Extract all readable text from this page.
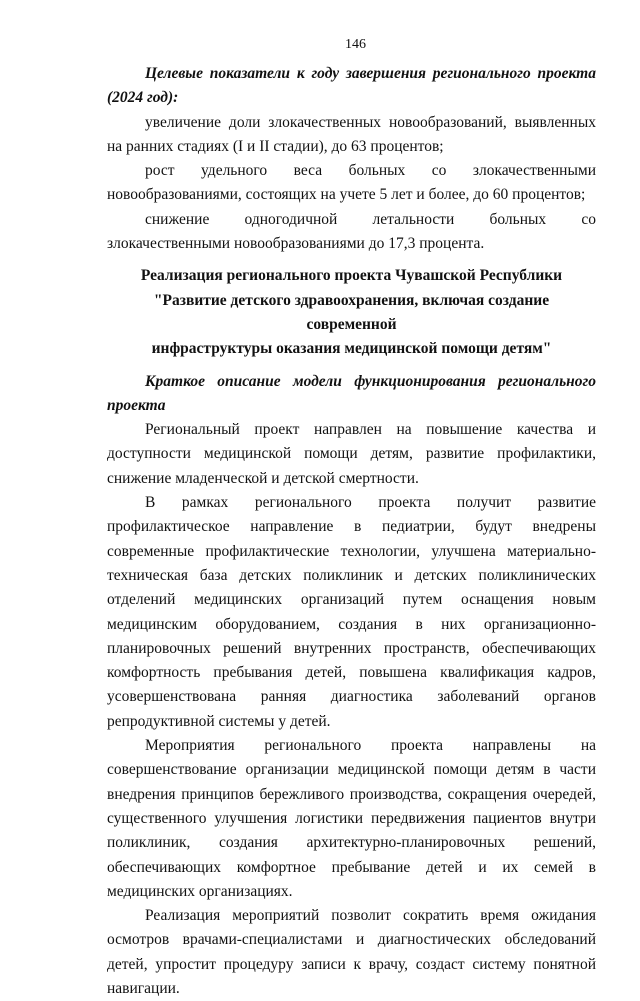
146

Целевые показатели к году завершения регионального проекта (2024 год):

увеличение доли злокачественных новообразований, выявленных на ранних стадиях (I и II стадии), до 63 процентов;

рост удельного веса больных со злокачественными новообразованиями, состоящих на учете 5 лет и более, до 60 процентов;

снижение одногодичной летальности больных со злокачественными новообразованиями до 17,3 процента.

Реализация регионального проекта Чувашской Республики
"Развитие детского здравоохранения, включая создание современной
инфраструктуры оказания медицинской помощи детям"

Краткое описание модели функционирования регионального проекта

Региональный проект направлен на повышение качества и доступности медицинской помощи детям, развитие профилактики, снижение младенческой и детской смертности.

В рамках регионального проекта получит развитие профилактическое направление в педиатрии, будут внедрены современные профилактические технологии, улучшена материально-техническая база детских поликлиник и детских поликлинических отделений медицинских организаций путем оснащения новым медицинским оборудованием, создания в них организационно-планировочных решений внутренних пространств, обеспечивающих комфортность пребывания детей, повышена квалификация кадров, усовершенствована ранняя диагностика заболеваний органов репродуктивной системы у детей.

Мероприятия регионального проекта направлены на совершенствование организации медицинской помощи детям в части внедрения принципов бережливого производства, сокращения очередей, существенного улучшения логистики передвижения пациентов внутри поликлиник, создания архитектурно-планировочных решений, обеспечивающих комфортное пребывание детей и их семей в медицинских организациях.

Реализация мероприятий позволит сократить время ожидания осмотров врачами-специалистами и диагностических обследований детей, упростит процедуру записи к врачу, создаст систему понятной навигации.
